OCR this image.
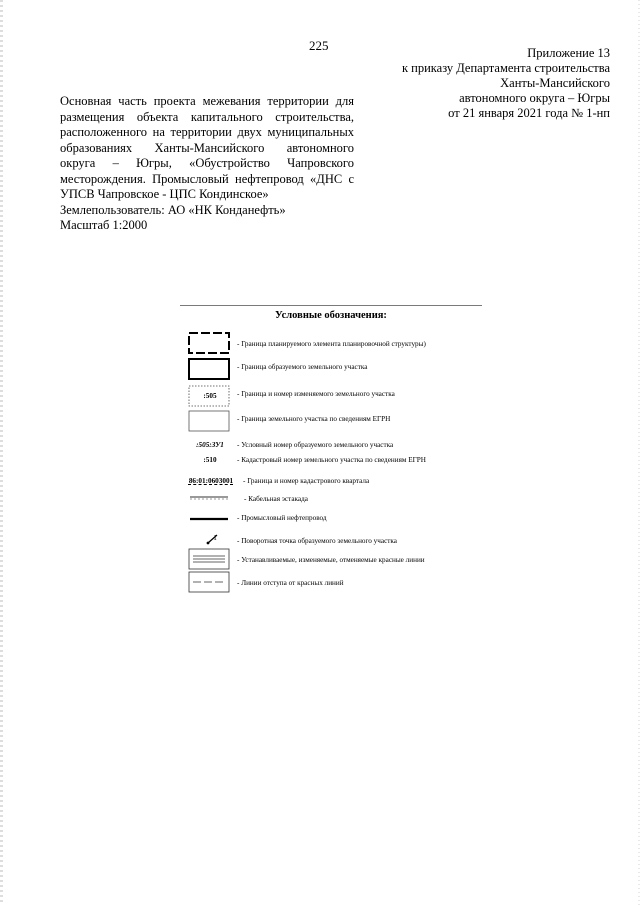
225	Приложение 13
к приказу Департамента строительства
Ханты-Мансийского
автономного округа – Югры
от 21 января 2021 года № 1-нп
Основная часть проекта межевания территории для
размещения объекта капитального строительства,
расположенного на территории двух муниципальных
образованиях Ханты-Мансийского автономного
округа – Югры, «Обустройство Чапровского
месторождения. Промысловый нефтепровод «ДНС с
УПСВ Чапровское - ЦПС Кондинское»
Землепользователь: АО «НК Конданефть»
Масштаб 1:2000
Условные обозначения:
- Граница планируемого элемента планировочной структуры)
- Граница образуемого земельного участка
:505	- Граница и номер изменяемого земельного участка
- Граница земельного участка по сведениям ЕГРН
:505:ЗУ1	- Условный номер образуемого земельного участка
:510	- Кадастровый номер земельного участка по сведениям ЕГРН
86:01:0603001	- Граница и номер кадастрового квартала
- Кабельная эстакада
- Промысловый нефтепровод
1	- Поворотная точка образуемого земельного участка
- Устанавливаемые, изменяемые, отменяемые красные линии
- Линии отступа от красных линий
